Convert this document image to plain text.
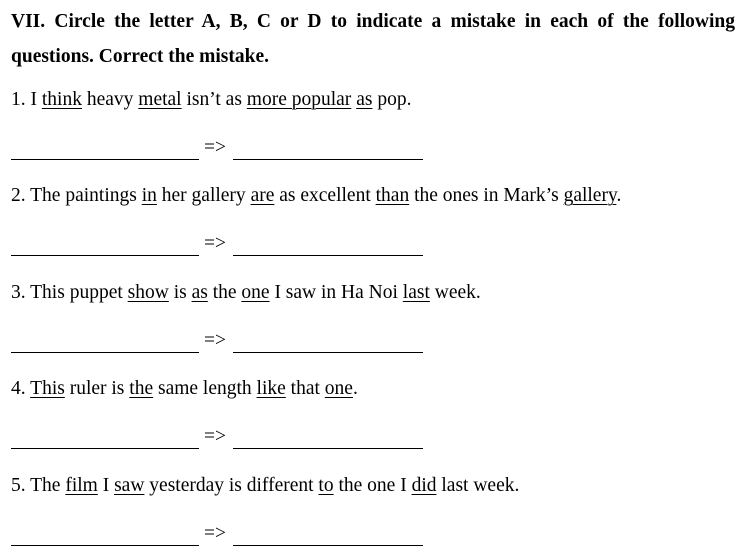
VII. Circle the letter A, B, C or D to indicate a mistake in each of the following questions. Correct the mistake.
1. I think heavy metal isn’t as more popular as pop.
=>
2. The paintings in her gallery are as excellent than the ones in Mark’s gallery.
=>
3. This puppet show is as the one I saw in Ha Noi last week.
=>
4. This ruler is the same length like that one.
=>
5. The film I saw yesterday is different to the one I did last week.
=>
